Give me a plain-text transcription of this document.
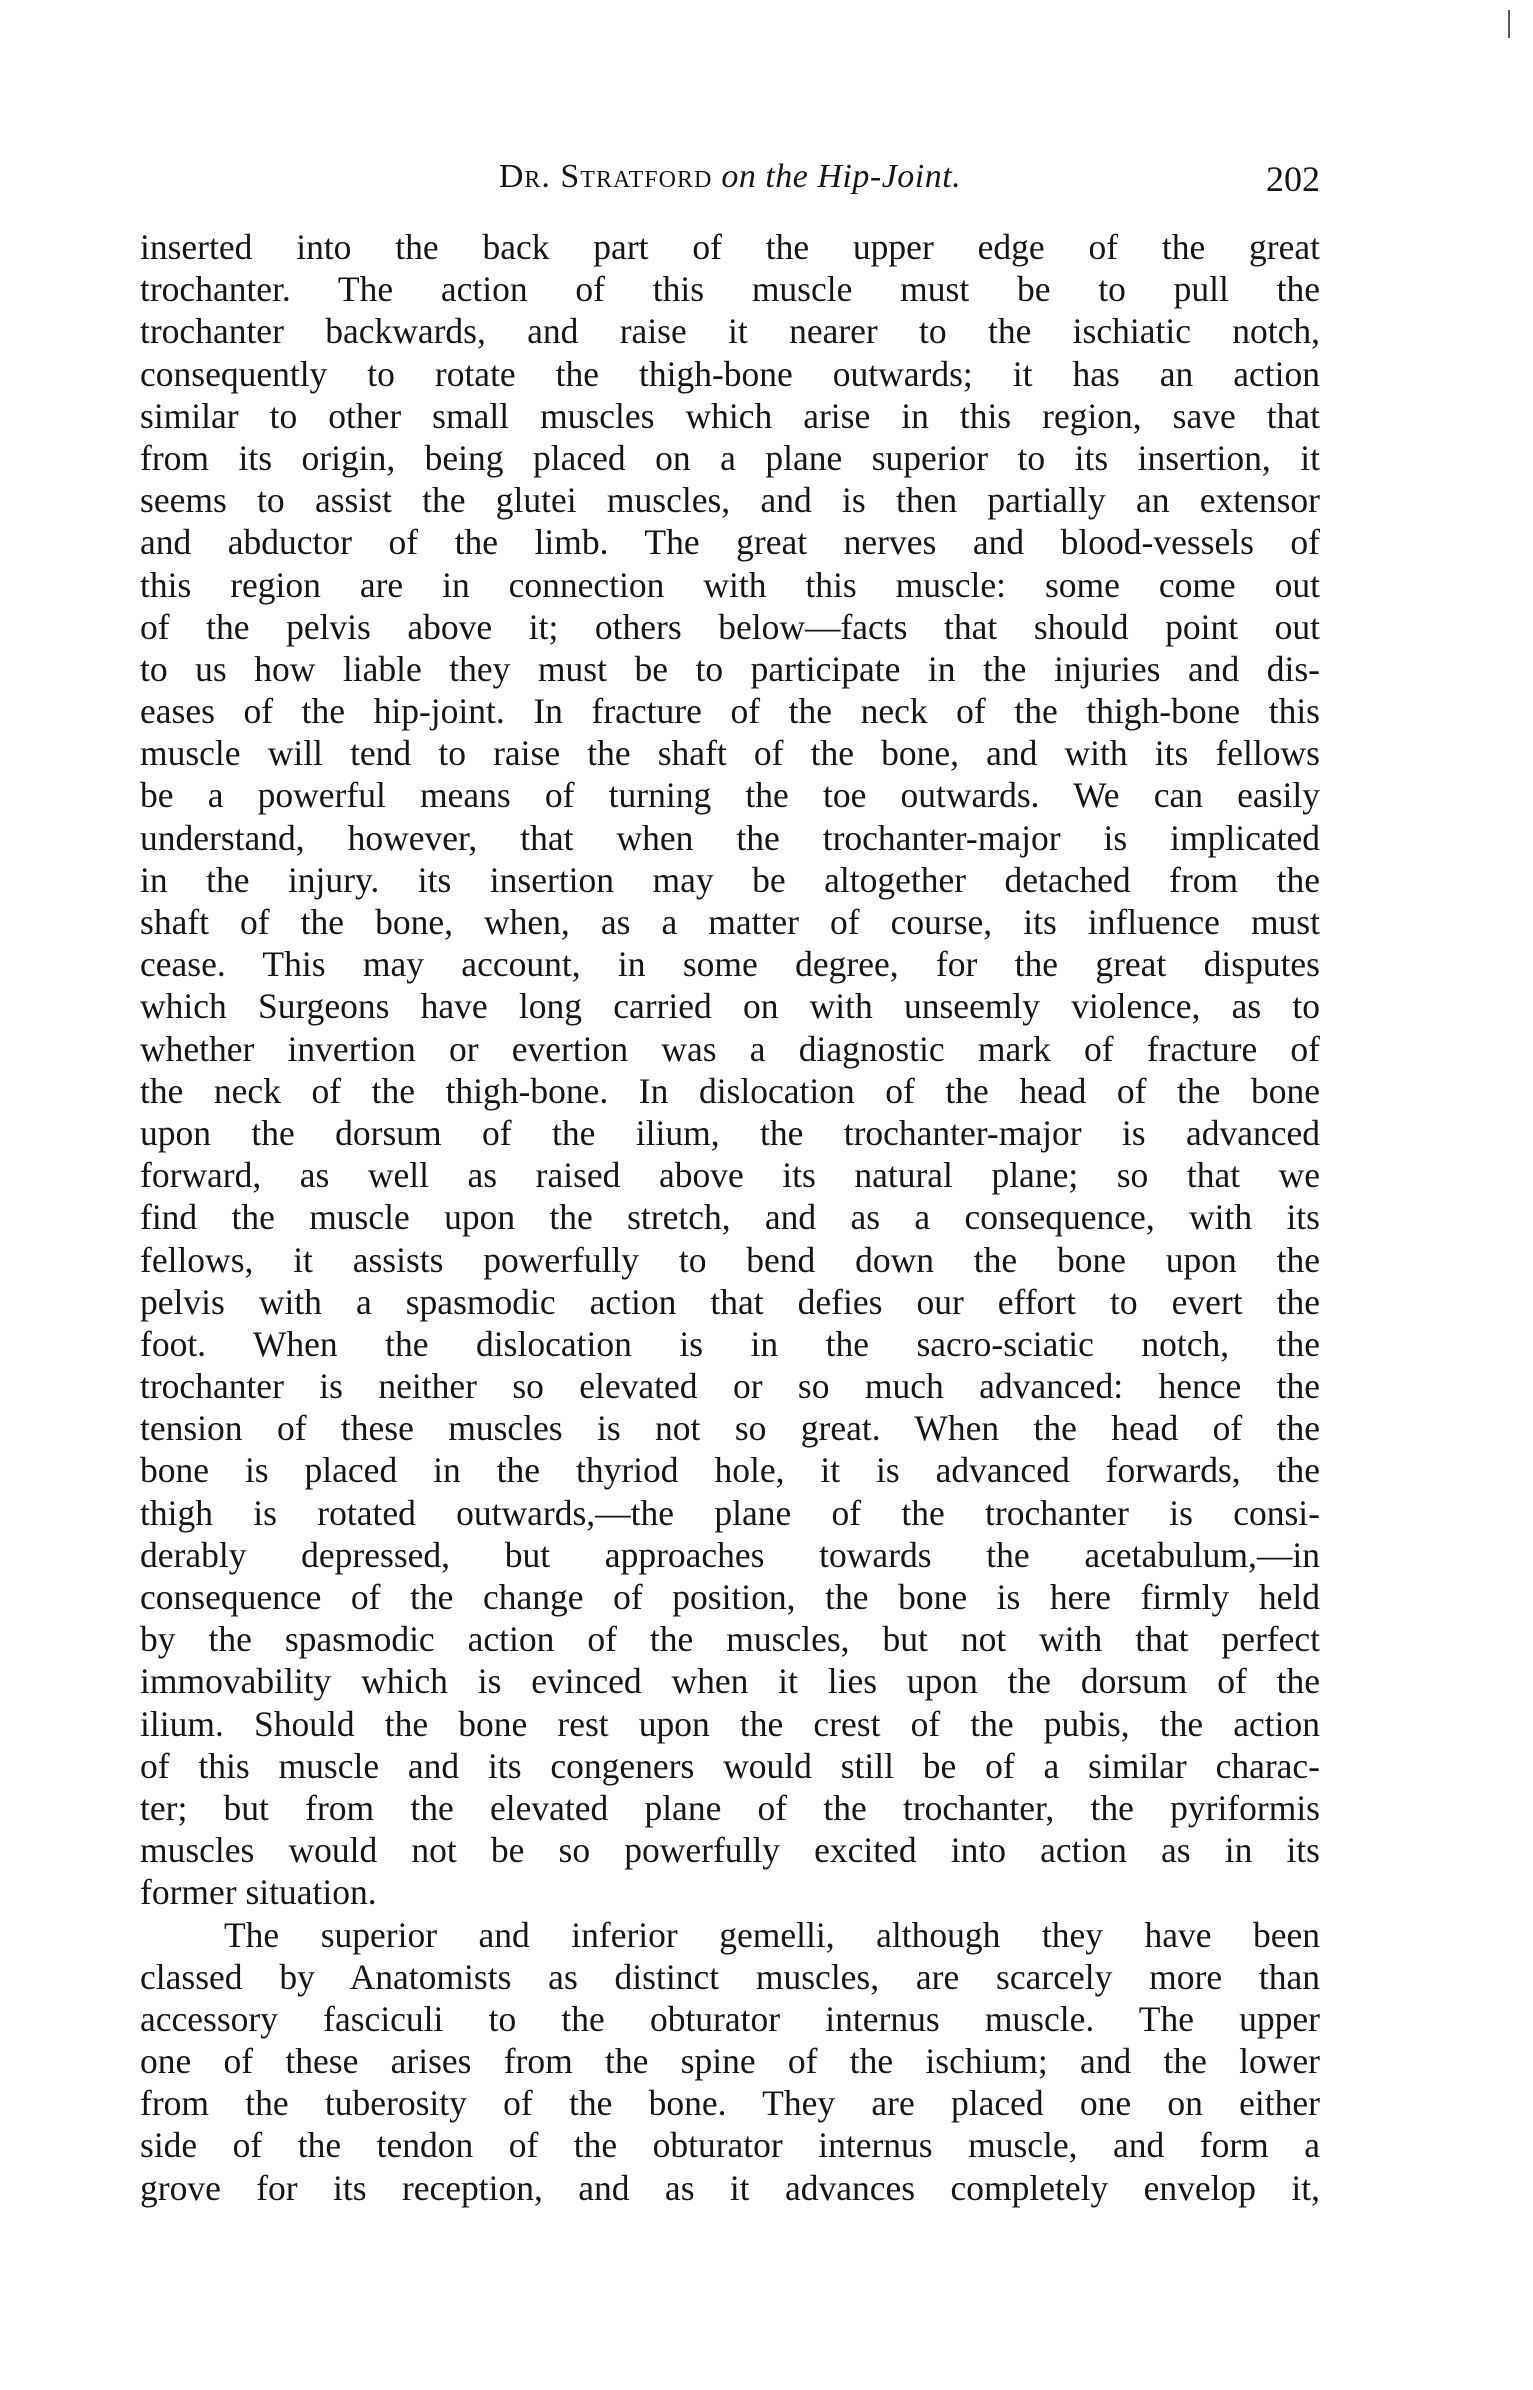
Dr. Stratford on the Hip-Joint.	202
inserted into the back part of the upper edge of the great
trochanter. The action of this muscle must be to pull the
trochanter backwards, and raise it nearer to the ischiatic notch,
consequently to rotate the thigh-bone outwards; it has an action
similar to other small muscles which arise in this region, save that
from its origin, being placed on a plane superior to its insertion, it
seems to assist the glutei muscles, and is then partially an extensor
and abductor of the limb. The great nerves and blood-vessels of
this region are in connection with this muscle: some come out
of the pelvis above it; others below—facts that should point out
to us how liable they must be to participate in the injuries and dis-
eases of the hip-joint. In fracture of the neck of the thigh-bone this
muscle will tend to raise the shaft of the bone, and with its fellows
be a powerful means of turning the toe outwards. We can easily
understand, however, that when the trochanter-major is implicated
in the injury. its insertion may be altogether detached from the
shaft of the bone, when, as a matter of course, its influence must
cease. This may account, in some degree, for the great disputes
which Surgeons have long carried on with unseemly violence, as to
whether invertion or evertion was a diagnostic mark of fracture of
the neck of the thigh-bone. In dislocation of the head of the bone
upon the dorsum of the ilium, the trochanter-major is advanced
forward, as well as raised above its natural plane; so that we
find the muscle upon the stretch, and as a consequence, with its
fellows, it assists powerfully to bend down the bone upon the
pelvis with a spasmodic action that defies our effort to evert the
foot. When the dislocation is in the sacro-sciatic notch, the
trochanter is neither so elevated or so much advanced: hence the
tension of these muscles is not so great. When the head of the
bone is placed in the thyriod hole, it is advanced forwards, the
thigh is rotated outwards,—the plane of the trochanter is consi-
derably depressed, but approaches towards the acetabulum,—in
consequence of the change of position, the bone is here firmly held
by the spasmodic action of the muscles, but not with that perfect
immovability which is evinced when it lies upon the dorsum of the
ilium. Should the bone rest upon the crest of the pubis, the action
of this muscle and its congeners would still be of a similar charac-
ter; but from the elevated plane of the trochanter, the pyriformis
muscles would not be so powerfully excited into action as in its
former situation.
The superior and inferior gemelli, although they have been
classed by Anatomists as distinct muscles, are scarcely more than
accessory fasciculi to the obturator internus muscle. The upper
one of these arises from the spine of the ischium; and the lower
from the tuberosity of the bone. They are placed one on either
side of the tendon of the obturator internus muscle, and form a
grove for its reception, and as it advances completely envelop it,
